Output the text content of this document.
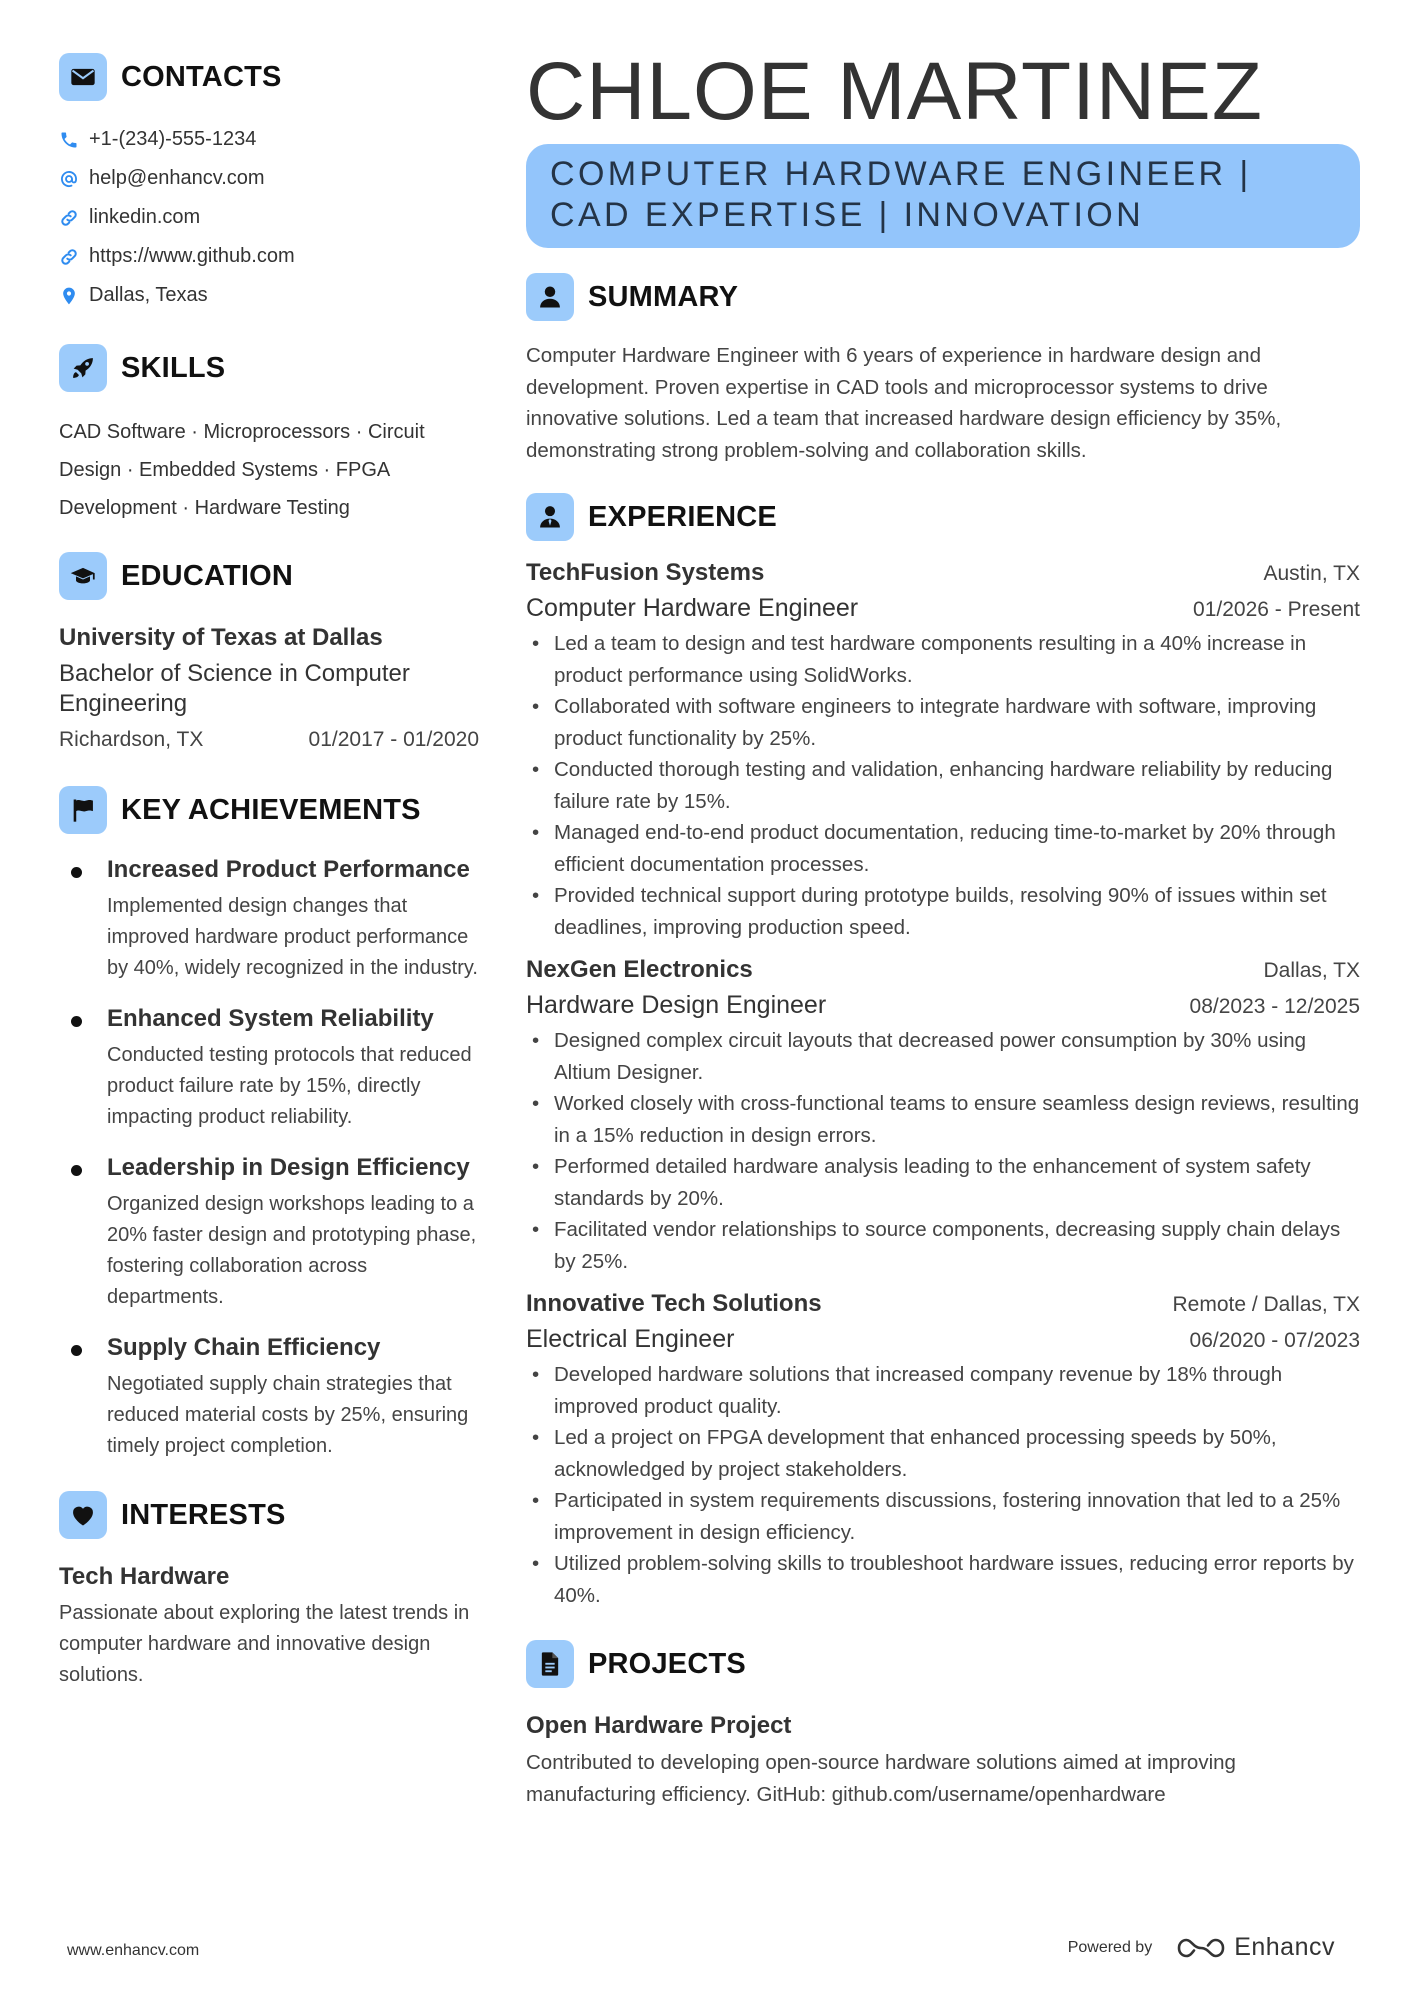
CONTACTS
+1-(234)-555-1234
help@enhancv.com
linkedin.com
https://www.github.com
Dallas, Texas
SKILLS
CAD Software · Microprocessors · Circuit Design · Embedded Systems · FPGA Development · Hardware Testing
EDUCATION
University of Texas at Dallas
Bachelor of Science in Computer Engineering
Richardson, TX	01/2017 - 01/2020
KEY ACHIEVEMENTS
Increased Product Performance
Implemented design changes that improved hardware product performance by 40%, widely recognized in the industry.
Enhanced System Reliability
Conducted testing protocols that reduced product failure rate by 15%, directly impacting product reliability.
Leadership in Design Efficiency
Organized design workshops leading to a 20% faster design and prototyping phase, fostering collaboration across departments.
Supply Chain Efficiency
Negotiated supply chain strategies that reduced material costs by 25%, ensuring timely project completion.
INTERESTS
Tech Hardware
Passionate about exploring the latest trends in computer hardware and innovative design solutions.
CHLOE MARTINEZ
COMPUTER HARDWARE ENGINEER | CAD EXPERTISE | INNOVATION
SUMMARY
Computer Hardware Engineer with 6 years of experience in hardware design and development. Proven expertise in CAD tools and microprocessor systems to drive innovative solutions. Led a team that increased hardware design efficiency by 35%, demonstrating strong problem-solving and collaboration skills.
EXPERIENCE
TechFusion Systems	Austin, TX
Computer Hardware Engineer	01/2026 - Present
• Led a team to design and test hardware components resulting in a 40% increase in product performance using SolidWorks.
• Collaborated with software engineers to integrate hardware with software, improving product functionality by 25%.
• Conducted thorough testing and validation, enhancing hardware reliability by reducing failure rate by 15%.
• Managed end-to-end product documentation, reducing time-to-market by 20% through efficient documentation processes.
• Provided technical support during prototype builds, resolving 90% of issues within set deadlines, improving production speed.
NexGen Electronics	Dallas, TX
Hardware Design Engineer	08/2023 - 12/2025
• Designed complex circuit layouts that decreased power consumption by 30% using Altium Designer.
• Worked closely with cross-functional teams to ensure seamless design reviews, resulting in a 15% reduction in design errors.
• Performed detailed hardware analysis leading to the enhancement of system safety standards by 20%.
• Facilitated vendor relationships to source components, decreasing supply chain delays by 25%.
Innovative Tech Solutions	Remote / Dallas, TX
Electrical Engineer	06/2020 - 07/2023
• Developed hardware solutions that increased company revenue by 18% through improved product quality.
• Led a project on FPGA development that enhanced processing speeds by 50%, acknowledged by project stakeholders.
• Participated in system requirements discussions, fostering innovation that led to a 25% improvement in design efficiency.
• Utilized problem-solving skills to troubleshoot hardware issues, reducing error reports by 40%.
PROJECTS
Open Hardware Project
Contributed to developing open-source hardware solutions aimed at improving manufacturing efficiency. GitHub: github.com/username/openhardware
www.enhancv.com	Powered by	Enhancv
